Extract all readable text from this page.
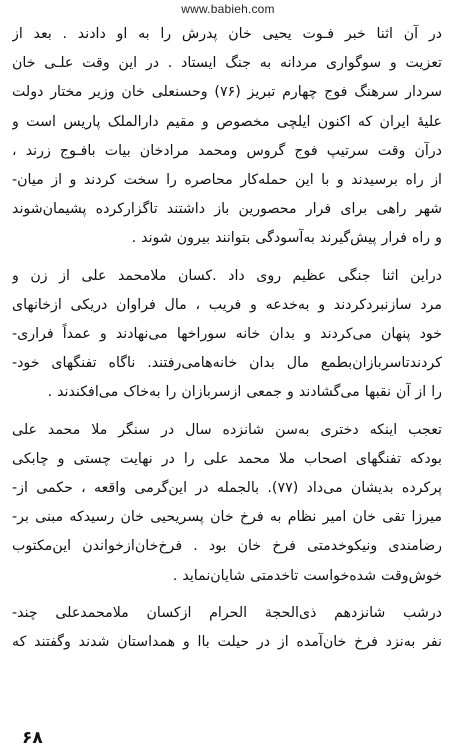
www.babieh.com

در آن اثنا خبر فـوت یحیی خان پدرش را به او دادند . بعد از
تعزیت و سوگواری مردانه به جنگ ایستاد . در این وقت علـی خان
سردار سرهنگ فوج چهارم تبریز (۷۶) وحسنعلی خان وزیر مختار دولت
علیهٔ ایران که اکنون ایلچی مخصوص و مقیم دارالملک پاریس است و
درآن وقت سرتیپ فوج گروس ومحمد مرادخان بیات بافـوج زرند ،
از راه برسیدند و با این حمله‌کار محاصره را سخت کردند و از میان-
شهر راهی برای فرار محصورین باز داشتند تاگزارکرده پشیمان‌شوند
و راه فرار پیش‌گیرند به‌آسودگی بتوانند بیرون شوند .

دراین اثنا جنگی عظیم روی داد .کسان ملامحمد علی از زن و
مرد سازنبردکردند و به‌خدعه و فریب ، مال فراوان دریکی ازخانهای
خود پنهان می‌کردند و بدان خانه سوراخها می‌نهادند و عمداً فراری-
کردندتاسربازان‌بطمع مال بدان خانه‌هامی‌رفتند. ناگاه تفنگهای خود-
را از آن نقبها می‌گشادند و جمعی ازسربازان را به‌خاک می‌افکندند .

تعجب اینکه دختری به‌سن شانزده سال در سنگر ملا محمد علی
بودکه تفنگهای اصحاب ملا محمد علی را در نهایت چستی و چابکی
پرکرده بدیشان می‌داد (۷۷). بالجمله در این‌گرمی واقعه ، حکمی از-
میرزا تقی خان امیر نظام به فرخ خان پسریحیی خان رسیدکه مبنی بر-
رضامندی ونیکوخدمتی فرخ خان بود . فرخ‌خان‌ازخواندن این‌مکتوب
خوش‌وقت شده‌خواست تاخدمتی شایان‌نماید .

درشب شانزدهم ذی‌الحجة الحرام ازکسان ملامحمدعلی چند-
نفر به‌نزد فرخ خان‌آمده از در حیلت باا و همداستان شدند وگفتند که

۶۸
